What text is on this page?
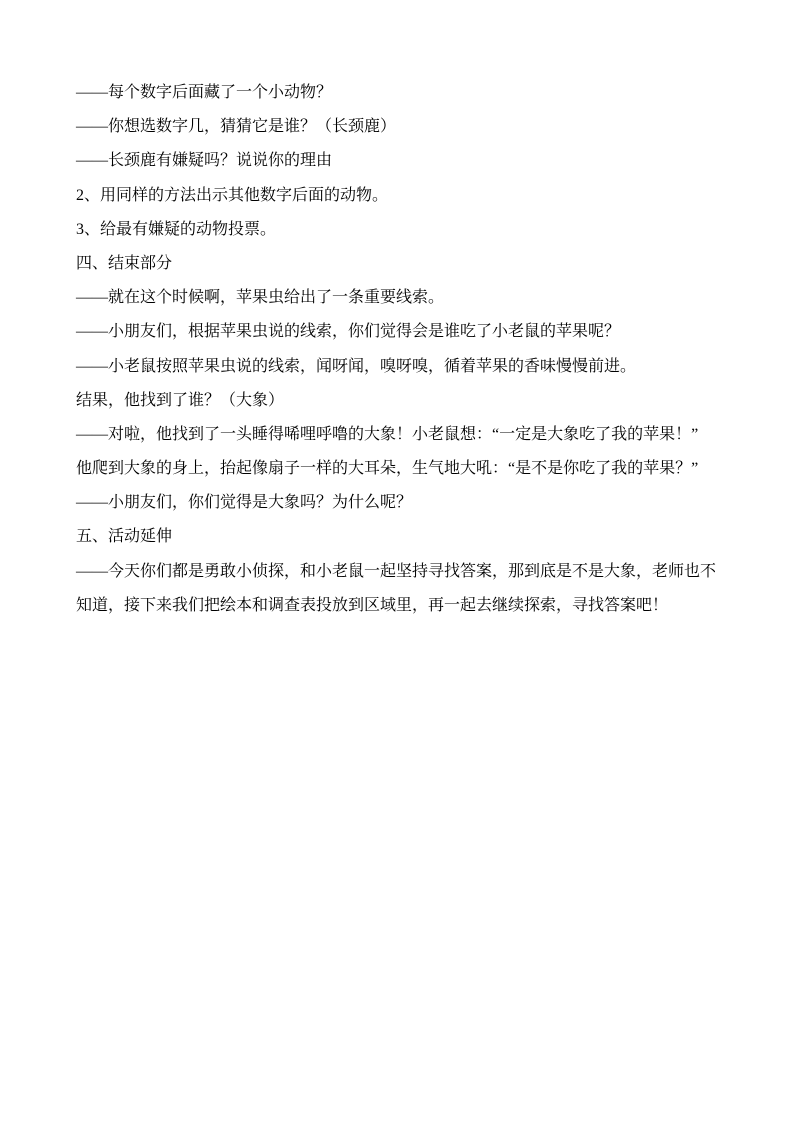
——每个数字后面藏了一个小动物？
——你想选数字几，猜猜它是谁？（长颈鹿）
——长颈鹿有嫌疑吗？说说你的理由
2、用同样的方法出示其他数字后面的动物。
3、给最有嫌疑的动物投票。
四、结束部分
——就在这个时候啊，苹果虫给出了一条重要线索。
——小朋友们，根据苹果虫说的线索，你们觉得会是谁吃了小老鼠的苹果呢？
——小老鼠按照苹果虫说的线索，闻呀闻，嗅呀嗅，循着苹果的香味慢慢前进。
结果，他找到了谁？（大象）
——对啦，他找到了一头睡得唏哩呼噜的大象！小老鼠想：“一定是大象吃了我的苹果！”
他爬到大象的身上，抬起像扇子一样的大耳朵，生气地大吼：“是不是你吃了我的苹果？”
——小朋友们，你们觉得是大象吗？为什么呢？
五、活动延伸
——今天你们都是勇敢小侦探，和小老鼠一起坚持寻找答案，那到底是不是大象，老师也不
知道，接下来我们把绘本和调查表投放到区域里，再一起去继续探索，寻找答案吧！
